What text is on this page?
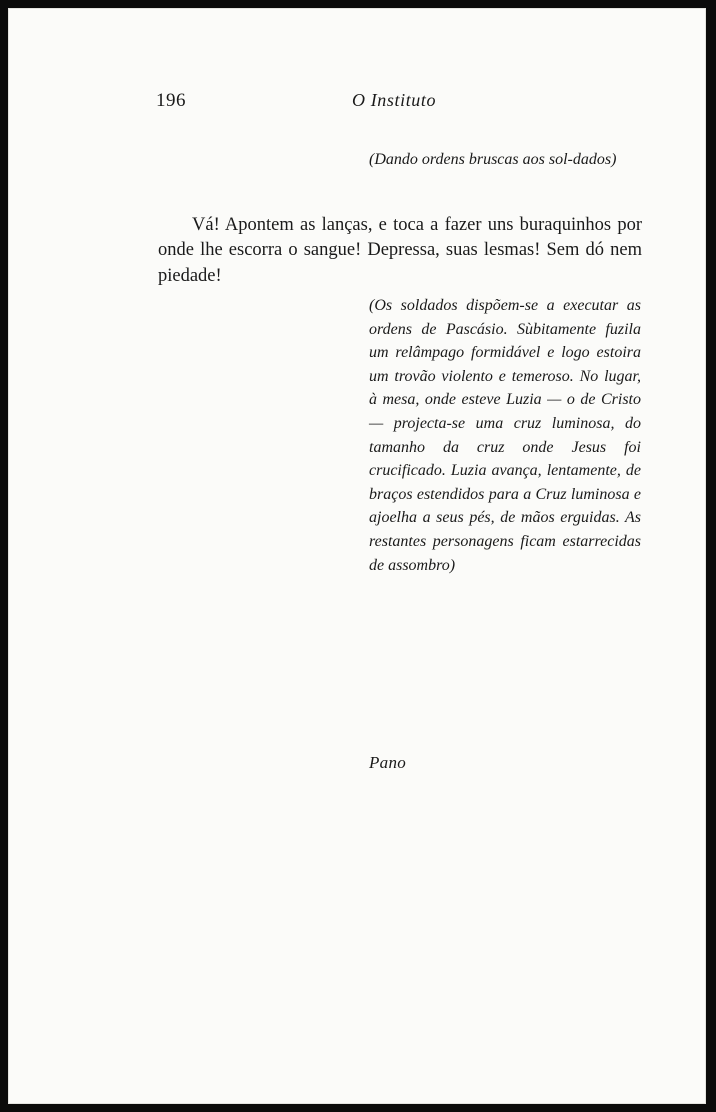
196	O Instituto

(Dando ordens bruscas aos sol-dados)

Vá! Apontem as lanças, e toca a fazer uns buraquinhos por onde lhe escorra o sangue! Depressa, suas lesmas! Sem dó nem piedade!

(Os soldados dispõem-se a executar as ordens de Pascásio. Sùbitamente fuzila um relâmpago formidável e logo estoira um trovão violento e temeroso. No lugar, à mesa, onde esteve Luzia — o de Cristo — projecta-se uma cruz luminosa, do tamanho da cruz onde Jesus foi crucificado. Luzia avança, lentamente, de braços estendidos para a Cruz luminosa e ajoelha a seus pés, de mãos erguidas. As restantes personagens ficam estarrecidas de assombro)

Pano
